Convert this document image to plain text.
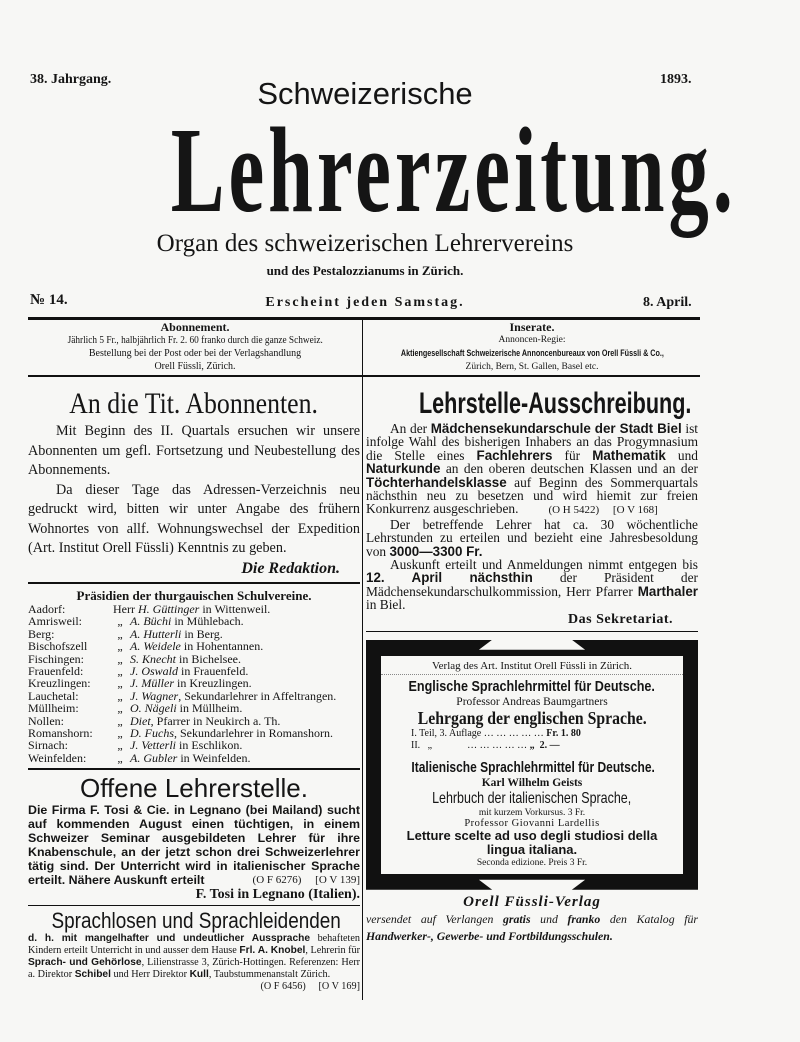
38. Jahrgang.	1893.
Schweizerische
Lehrerzeitung.
Organ des schweizerischen Lehrervereins
und des Pestalozzianums in Zürich.
№ 14.	Erscheint jeden Samstag.	8. April.
Abonnement.
Jährlich 5 Fr., halbjährlich Fr. 2. 60 franko durch die ganze Schweiz.
Bestellung bei der Post oder bei der Verlagshandlung
Orell Füssli, Zürich.
Inserate.
Annoncen-Regie:
Aktiengesellschaft Schweizerische Annoncenbureaux von Orell Füssli & Co.,
Zürich, Bern, St. Gallen, Basel etc.
An die Tit. Abonnenten.
Mit Beginn des II. Quartals ersuchen wir unsere Abonnenten um gefl. Fortsetzung und Neubestellung des Abonnements.
Da dieser Tage das Adressen-Verzeichnis neu gedruckt wird, bitten wir unter Angabe des frühern Wohnortes von allf. Wohnungswechsel der Expedition (Art. Institut Orell Füssli) Kenntnis zu geben.
Die Redaktion.
Präsidien der thurgauischen Schulvereine.
Aadorf:	Herr H. Güttinger in Wittenweil.
Amrisweil:	„ A. Büchi in Mühlebach.
Berg:	„ A. Hutterli in Berg.
Bischofszell	„ A. Weidele in Hohentannen.
Fischingen:	„ S. Knecht in Bichelsee.
Frauenfeld:	„ J. Oswald in Frauenfeld.
Kreuzlingen:	„ J. Müller in Kreuzlingen.
Lauchetal:	„ J. Wagner, Sekundarlehrer in Affeltrangen.
Müllheim:	„ O. Nägeli in Müllheim.
Nollen:	„ Diet, Pfarrer in Neukirch a. Th.
Romanshorn:	„ D. Fuchs, Sekundarlehrer in Romanshorn.
Sirnach:	„ J. Vetterli in Eschlikon.
Weinfelden:	„ A. Gubler in Weinfelden.
Offene Lehrerstelle.
Die Firma F. Tosi & Cie. in Legnano (bei Mailand) sucht auf kommenden August einen tüchtigen, in einem Schweizer Seminar ausgebildeten Lehrer für ihre Knabenschule, an der jetzt schon drei Schweizerlehrer tätig sind. Der Unterricht wird in italienischer Sprache erteilt. Nähere Auskunft erteilt	(O F 6276)     [O V 139]
F. Tosi in Legnano (Italien).
Sprachlosen und Sprachleidenden
d. h. mit mangelhafter und undeutlicher Aussprache behafteten Kindern erteilt Unterricht in und ausser dem Hause Frl. A. Knobel, Lehrerin für Sprach- und Gehörlose, Lilienstrasse 3, Zürich-Hottingen. Referenzen: Herr a. Direktor Schibel und Herr Direktor Kull, Taubstummenanstalt Zürich.
(O F 6456)     [O V 169]
Lehrstelle-Ausschreibung.
An der Mädchensekundarschule der Stadt Biel ist infolge Wahl des bisherigen Inhabers an das Progymnasium die Stelle eines Fachlehrers für Mathematik und Naturkunde an den oberen deutschen Klassen und an der Töchterhandelsklasse auf Beginn des Sommerquartals nächsthin neu zu besetzen und wird hiemit zur freien Konkurrenz ausgeschrieben.	(O H 5422)     [O V 168]
Der betreffende Lehrer hat ca. 30 wöchentliche Lehrstunden zu erteilen und bezieht eine Jahresbesoldung von 3000—3300 Fr.
Auskunft erteilt und Anmeldungen nimmt entgegen bis 12. April nächsthin der Präsident der Mädchensekundarschulkommission, Herr Pfarrer Marthaler in Biel.
Das Sekretariat.
Verlag des Art. Institut Orell Füssli in Zürich.
Englische Sprachlehrmittel für Deutsche.
Professor Andreas Baumgartners
Lehrgang der englischen Sprache.
I. Teil, 3. Auflage … … … … … Fr. 1. 80
II.   „	… … … … … „  2. —
Italienische Sprachlehrmittel für Deutsche.
Karl Wilhelm Geists
Lehrbuch der italienischen Sprache,
mit kurzem Vorkursus. 3 Fr.
Professor Giovanni Lardellis
Letture scelte ad uso degli studiosi della lingua italiana.
Seconda edizione. Preis 3 Fr.
Orell Füssli-Verlag
versendet auf Verlangen gratis und franko den Katalog für Handwerker-, Gewerbe- und Fortbildungsschulen.
